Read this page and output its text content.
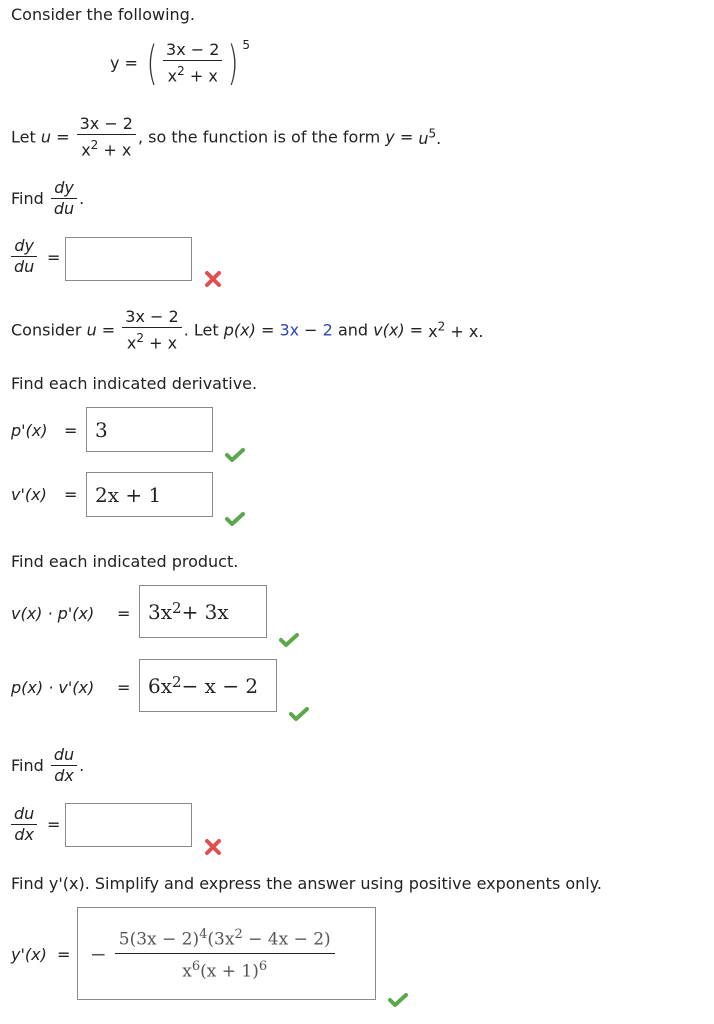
Consider the following.
y = ( $\frac{3x - 2}{x^2 + x}$ ) $^5$
Let $u = \frac{3x - 2}{x^2 + x}$ , so the function is of the form $y = u^5$.
Find $\frac{dy}{du}$ .
$\frac{dy}{du}$ =
Consider $u = \frac{3x - 2}{x^2 + x}$ . Let p(x) = 3x − 2 and $v(x) = x^2 + x$.
Find each indicated derivative.
p'(x) = 3
v'(x) = 2x + 1
Find each indicated product.
$v(x) \cdot p'(x) = 3x^2 + 3x$
$p(x) \cdot v'(x) = 6x^2 - x - 2$
Find $\frac{du}{dx}$ .
$\frac{du}{dx}$ =
Find y'(x). Simplify and express the answer using positive exponents only.
y'(x) = − $\frac{5(3x - 2)^4(3x^2 - 4x - 2)}{x^6(x + 1)^6}$
